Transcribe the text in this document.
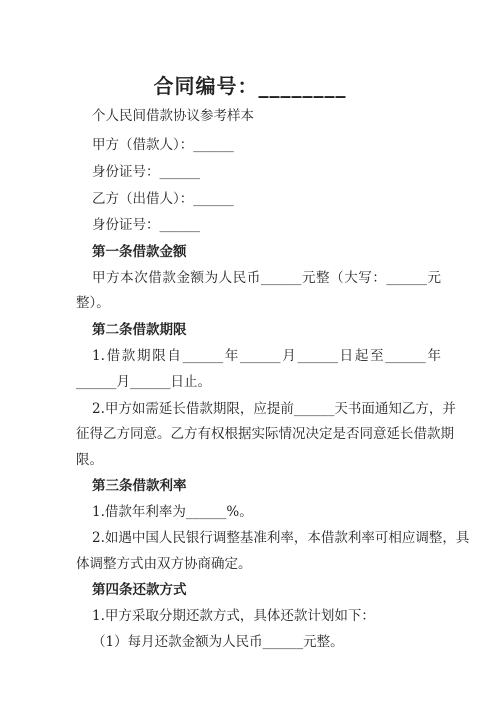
合同编号：________
个人民间借款协议参考样本
甲方（借款人）：______
身份证号：______
乙方（出借人）：______
身份证号：______
第一条借款金额
甲方本次借款金额为人民币______元整（大写：______元
整）。
第二条借款期限
1.借款期限自______年______月______日起至______年
______月______日止。
2.甲方如需延长借款期限，应提前______天书面通知乙方，并
征得乙方同意。乙方有权根据实际情况决定是否同意延长借款期
限。
第三条借款利率
1.借款年利率为______%。
2.如遇中国人民银行调整基准利率，本借款利率可相应调整，具
体调整方式由双方协商确定。
第四条还款方式
1.甲方采取分期还款方式，具体还款计划如下：
（1）每月还款金额为人民币______元整。
